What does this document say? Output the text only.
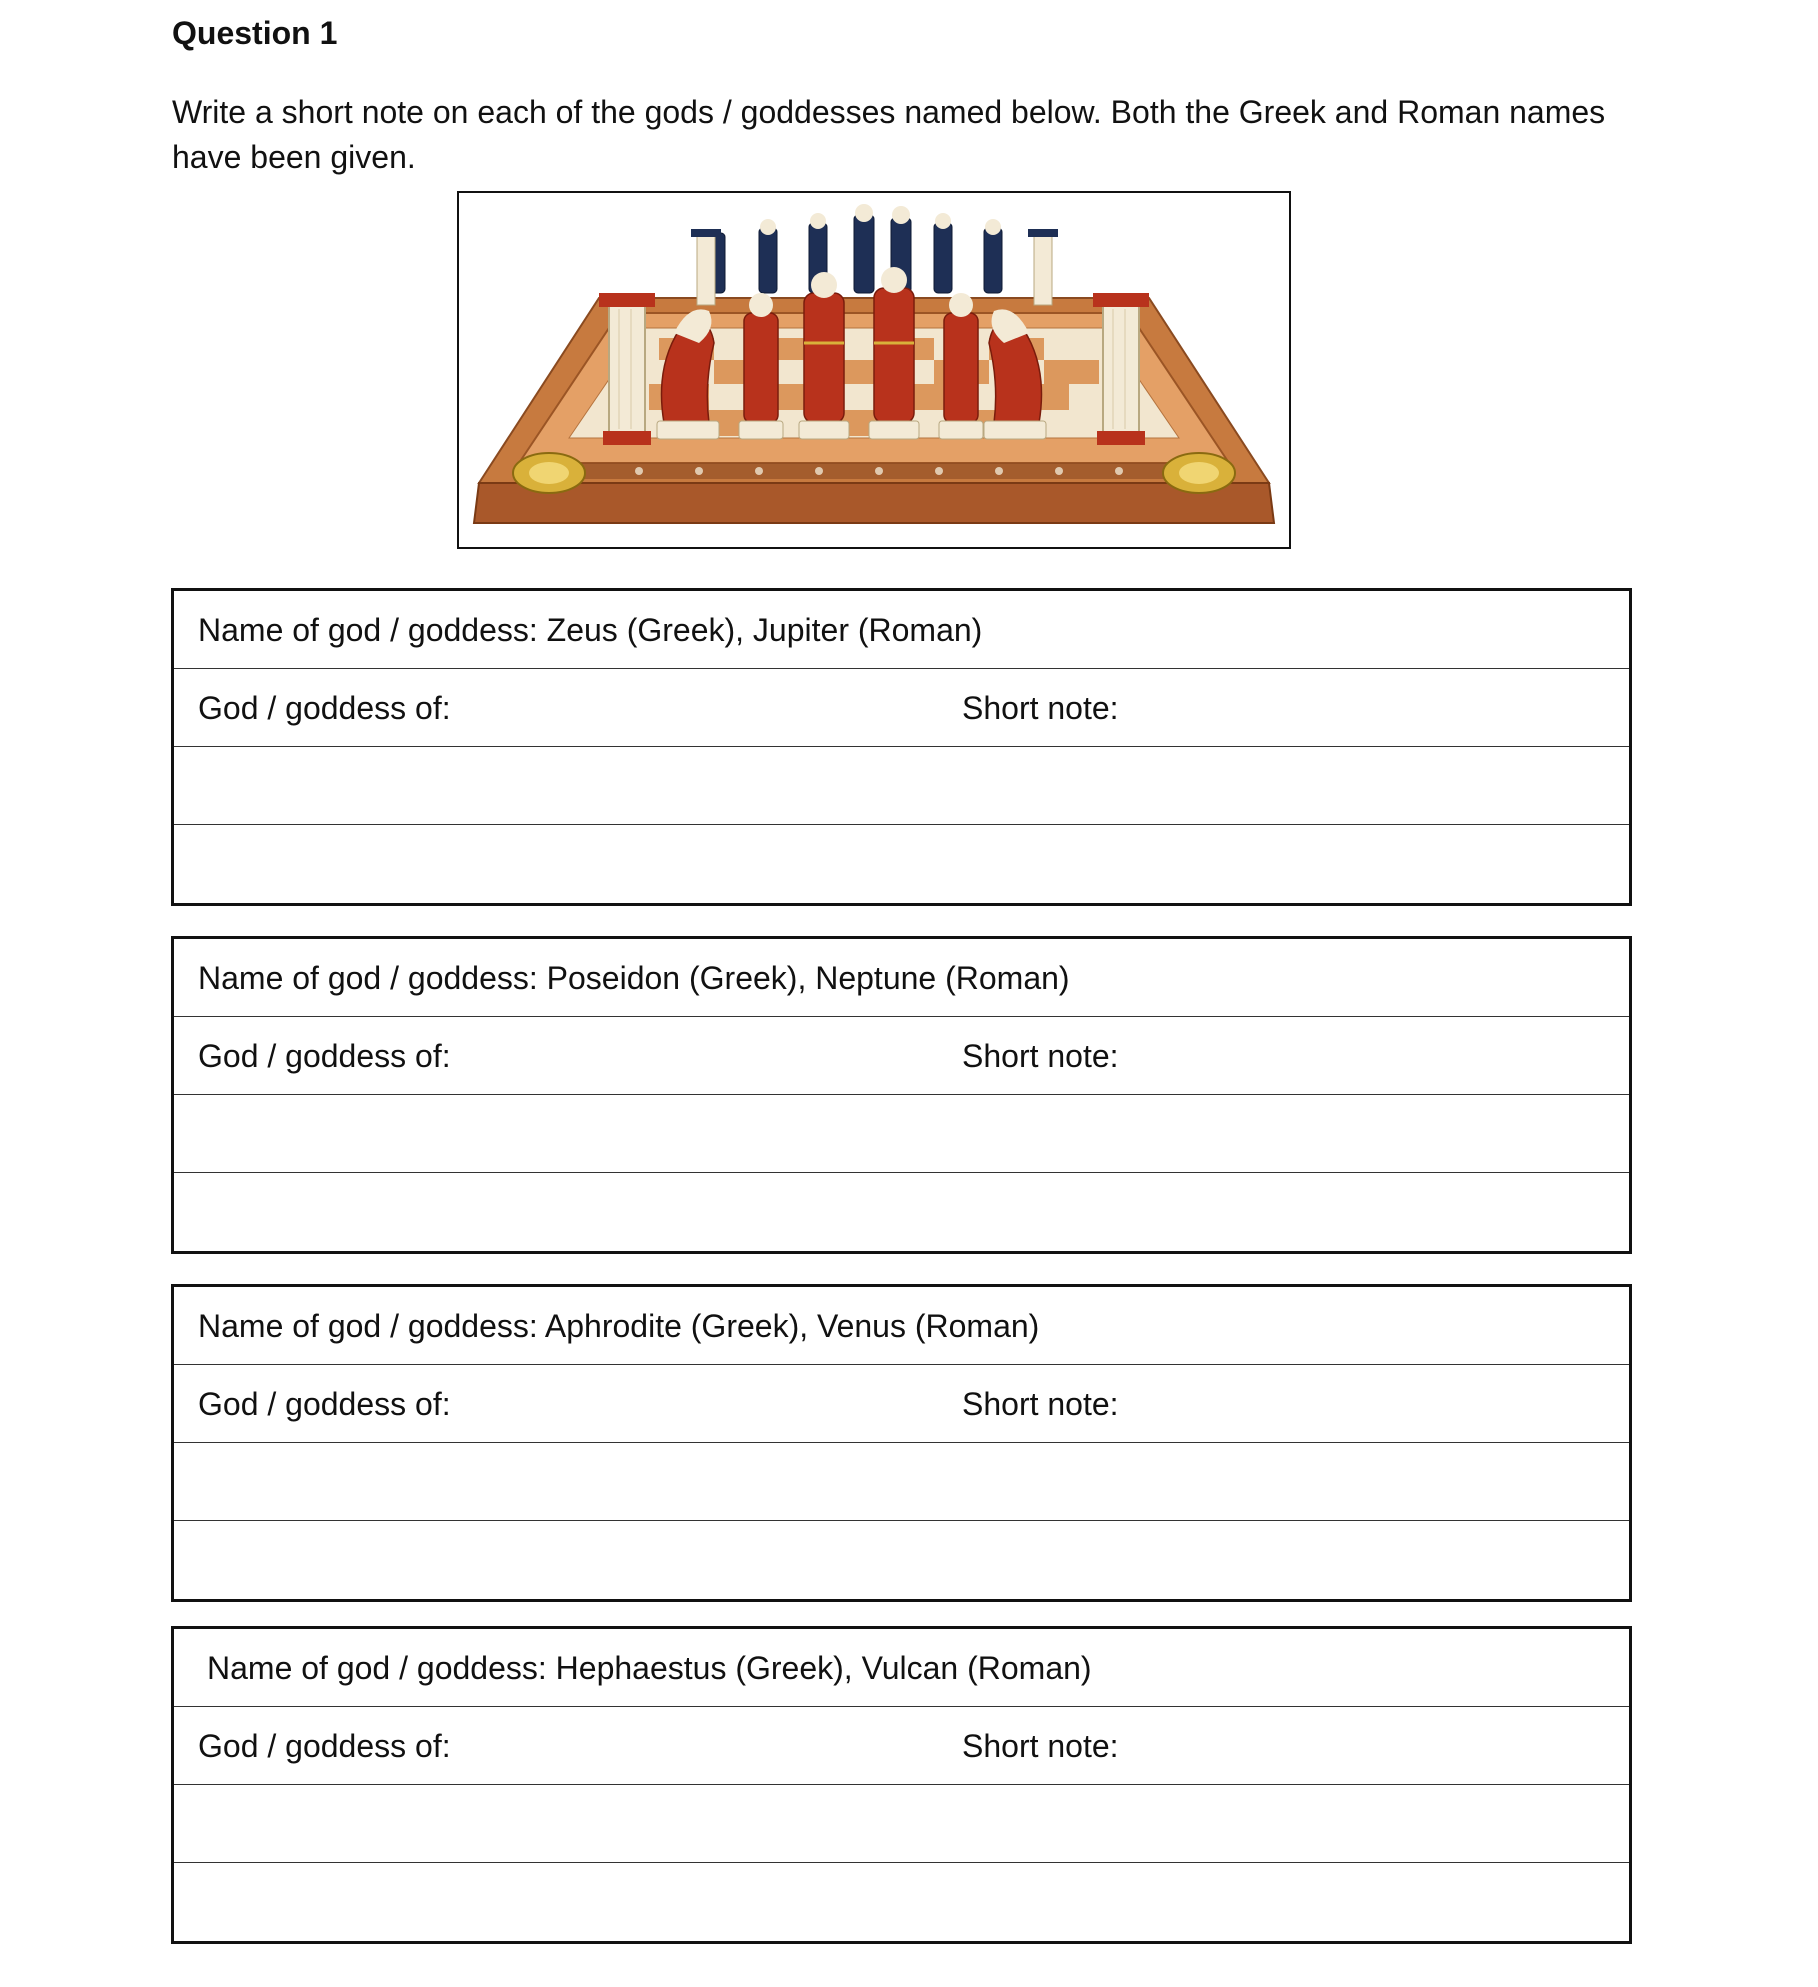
Question 1

Write a short note on each of the gods / goddesses named below. Both the Greek and Roman names have been given.

Name of god / goddess: Zeus (Greek), Jupiter (Roman)
God / goddess of:	Short note:
Name of god / goddess: Poseidon (Greek), Neptune (Roman)
God / goddess of:	Short note:
Name of god / goddess: Aphrodite (Greek), Venus (Roman)
God / goddess of:	Short note:
Name of god / goddess: Hephaestus (Greek), Vulcan (Roman)
God / goddess of:	Short note:
